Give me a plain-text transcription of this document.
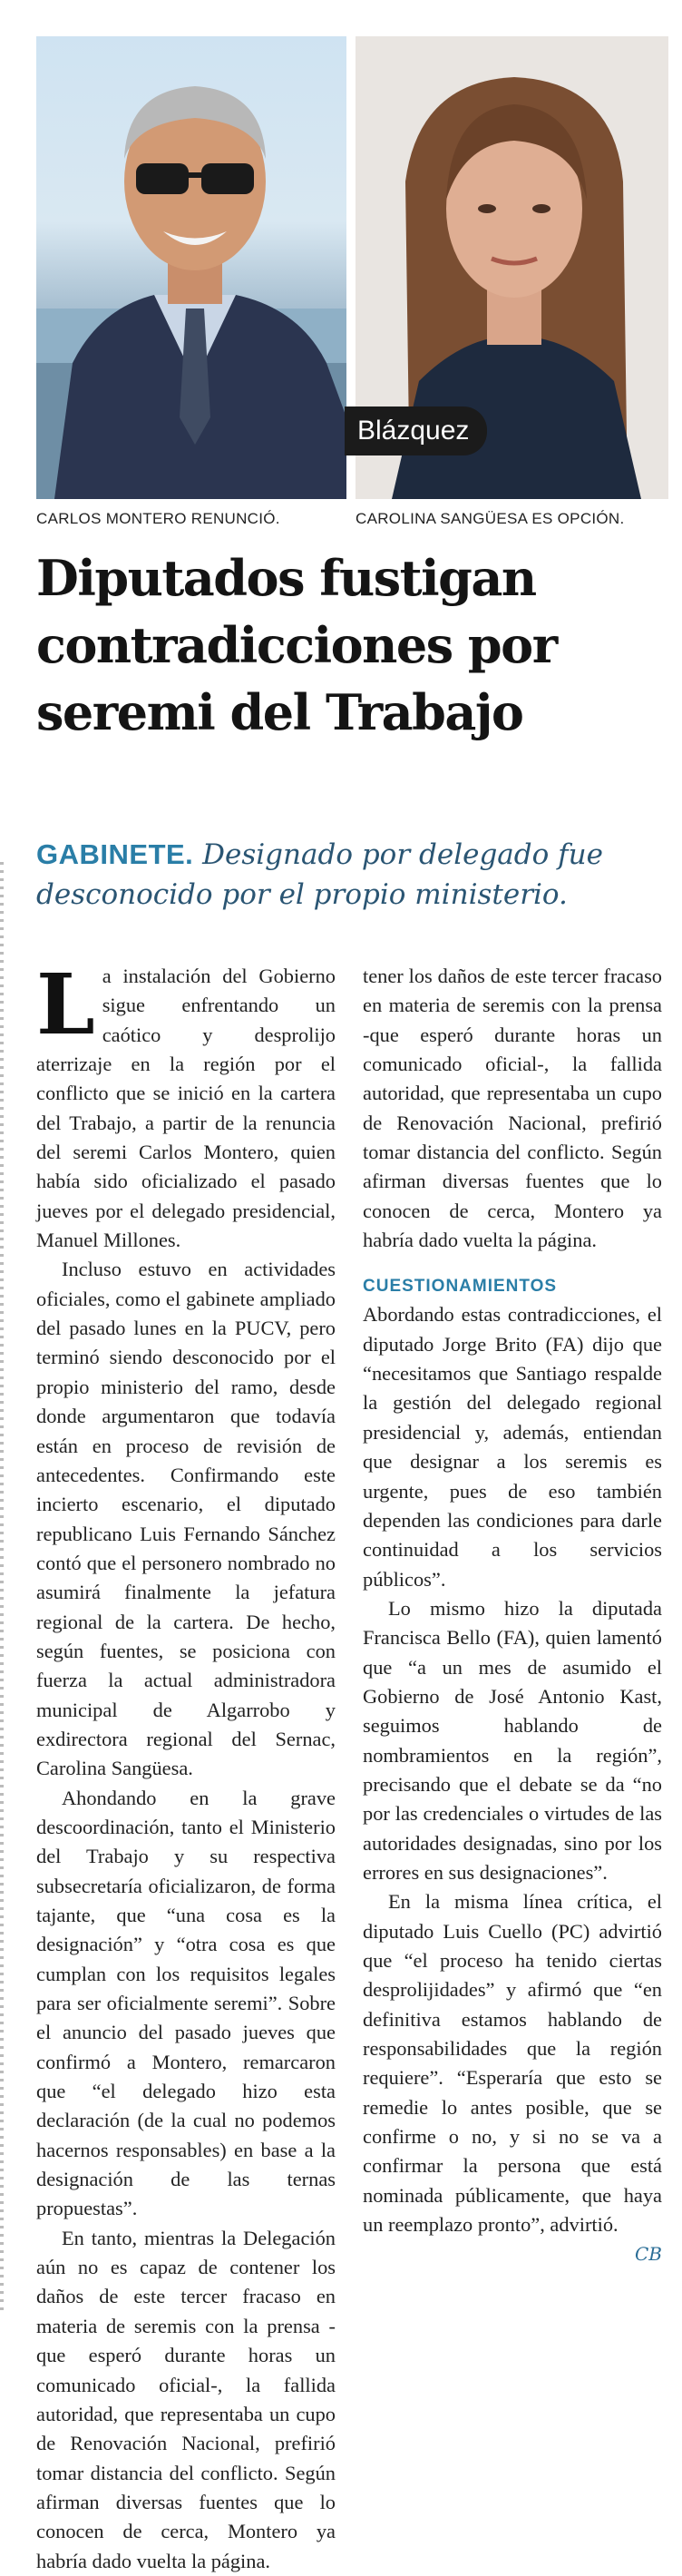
Blázquez
CARLOS MONTERO RENUNCIÓ.	CAROLINA SANGÜESA ES OPCIÓN.
Diputados fustigan
contradicciones por
seremi del Trabajo
GABINETE. Designado por delegado fue desconocido por el propio ministerio.

La instalación del Gobierno sigue enfrentando un caótico y desprolijo aterrizaje en la región por el conflicto que se inició en la cartera del Trabajo, a partir de la renuncia del seremi Carlos Montero, quien había sido oficializado el pasado jueves por el delegado presidencial, Manuel Millones.

Incluso estuvo en actividades oficiales, como el gabinete ampliado del pasado lunes en la PUCV, pero terminó siendo desconocido por el propio ministerio del ramo, desde donde argumentaron que todavía están en proceso de revisión de antecedentes. Confirmando este incierto escenario, el diputado republicano Luis Fernando Sánchez contó que el personero nombrado no asumirá finalmente la jefatura regional de la cartera. De hecho, según fuentes, se posiciona con fuerza la actual administradora municipal de Algarrobo y exdirectora regional del Sernac, Carolina Sangüesa.

Ahondando en la grave descoordinación, tanto el Ministerio del Trabajo y su respectiva subsecretaría oficializaron, de forma tajante, que “una cosa es la designación” y “otra cosa es que cumplan con los requisitos legales para ser oficialmente seremi”. Sobre el anuncio del pasado jueves que confirmó a Montero, remarcaron que “el delegado hizo esta declaración (de la cual no podemos hacernos responsables) en base a la designación de las ternas propuestas”.

En tanto, mientras la Delegación aún no es capaz de contener los daños de este tercer fracaso en materia de seremis con la prensa -que esperó durante horas un comunicado oficial-, la fallida autoridad, que representaba un cupo de Renovación Nacional, prefirió tomar distancia del conflicto. Según afirman diversas fuentes que lo conocen de cerca, Montero ya habría dado vuelta la página.

tener los daños de este tercer fracaso en materia de seremis con la prensa -que esperó durante horas un comunicado oficial-, la fallida autoridad, que representaba un cupo de Renovación Nacional, prefirió tomar distancia del conflicto. Según afirman diversas fuentes que lo conocen de cerca, Montero ya habría dado vuelta la página.

CUESTIONAMIENTOS

Abordando estas contradicciones, el diputado Jorge Brito (FA) dijo que “necesitamos que Santiago respalde la gestión del delegado regional presidencial y, además, entiendan que designar a los seremis es urgente, pues de eso también dependen las condiciones para darle continuidad a los servicios públicos”.

Lo mismo hizo la diputada Francisca Bello (FA), quien lamentó que “a un mes de asumido el Gobierno de José Antonio Kast, seguimos hablando de nombramientos en la región”, precisando que el debate se da “no por las credenciales o virtudes de las autoridades designadas, sino por los errores en sus designaciones”.

En la misma línea crítica, el diputado Luis Cuello (PC) advirtió que “el proceso ha tenido ciertas desprolijidades” y afirmó que “en definitiva estamos hablando de responsabilidades que la región requiere”. “Esperaría que esto se remedie lo antes posible, que se confirme o no, y si no se va a confirmar la persona que está nominada públicamente, que haya un reemplazo pronto”, advirtió.
CB
